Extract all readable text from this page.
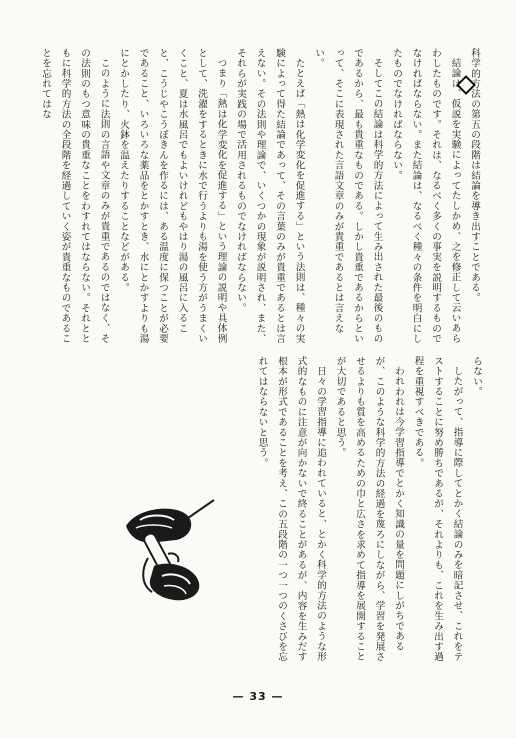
科学的方法の第五の段階は結論を導き出すことである。

結論は、仮説を実験によってたしかめ、之を修正して云いあらわしたものです。それは、なるべく多くの事実を説明するものでなければならない。また結論は、なるべく種々の条件を明白にしたものでなければならない。

そしてこの結論は科学的方法によって生み出された最後のものであるから、最も貴重なものである。しかし貴重であるからといって、そこに表現された言語文章のみが貴重であるとは言えない。

たとえば「熱は化学変化を促進する」という法則は、種々の実験によって得た結論であって、その言葉のみが貴重であるとは言えない。その法則や理論で、いくつかの現象が説明され、また、それらが実践の場で活用されるものでなければならない。

つまり「熱は化学変化を促進する」という理論の説明や具体例として、洗濯をするときに水で行うよりも湯を使う方がうまくいくこと、夏は水風呂でもよいけれどもやはり湯の風呂に入ること、こうじやこうぼきんを作るには、ある温度に保つことが必要であること、いろいろな薬品をとかすとき、水にとかすよりも湯にとかしたり、火鉢を温えたりすることなどがある。

このように法則の言語や文章のみが貴重であるのではなく、その法則のもつ意味の貴重なことをわすれてはならない。それとともに科学的方法の全段階を経過していく姿が貴重なものであることを忘れてはな

らない。

したがって、指導に際してとかく結論のみを暗記させ、これをテストすることに努め勝ちであるが、それよりも、これを生み出す過程を重視すべきである。

われわれは今学習指導でとかく知識の量を問題にしがちであるが、このような科学的方法の経過を蔑ろにしながら、学習を発展させるよりも質を高めるための巾と広さを求めて指導を展開することが大切であると思う。

日々の学習指導に追われていると、とかく科学的方法のような形式的なものに注意が向かないで終ることがあるが、内容を生みだす根本が形式であることを考え、この五段階の一つ一つのくさびを忘れてはならないと思う。

— 33 —
